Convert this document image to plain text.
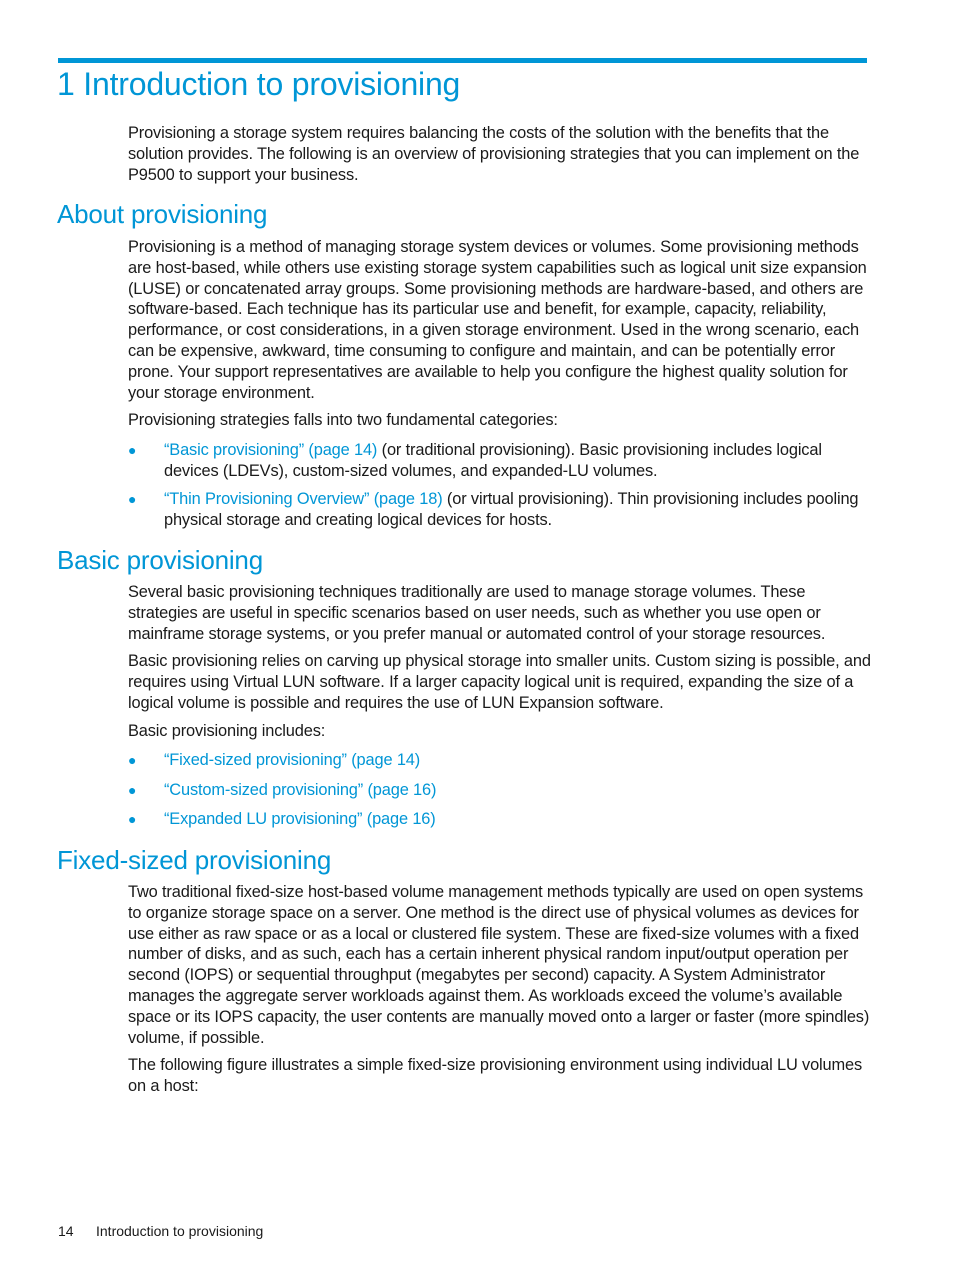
1 Introduction to provisioning

Provisioning a storage system requires balancing the costs of the solution with the benefits that the solution provides. The following is an overview of provisioning strategies that you can implement on the P9500 to support your business.

About provisioning

Provisioning is a method of managing storage system devices or volumes. Some provisioning methods are host-based, while others use existing storage system capabilities such as logical unit size expansion (LUSE) or concatenated array groups. Some provisioning methods are hardware-based, and others are software-based. Each technique has its particular use and benefit, for example, capacity, reliability, performance, or cost considerations, in a given storage environment. Used in the wrong scenario, each can be expensive, awkward, time consuming to configure and maintain, and can be potentially error prone. Your support representatives are available to help you configure the highest quality solution for your storage environment.

Provisioning strategies falls into two fundamental categories:

● “Basic provisioning” (page 14) (or traditional provisioning). Basic provisioning includes logical devices (LDEVs), custom-sized volumes, and expanded-LU volumes.
● “Thin Provisioning Overview” (page 18) (or virtual provisioning). Thin provisioning includes pooling physical storage and creating logical devices for hosts.
Basic provisioning

Several basic provisioning techniques traditionally are used to manage storage volumes. These strategies are useful in specific scenarios based on user needs, such as whether you use open or mainframe storage systems, or you prefer manual or automated control of your storage resources.

Basic provisioning relies on carving up physical storage into smaller units. Custom sizing is possible, and requires using Virtual LUN software. If a larger capacity logical unit is required, expanding the size of a logical volume is possible and requires the use of LUN Expansion software.

Basic provisioning includes:

● “Fixed-sized provisioning” (page 14)
● “Custom-sized provisioning” (page 16)
● “Expanded LU provisioning” (page 16)
Fixed-sized provisioning

Two traditional fixed-size host-based volume management methods typically are used on open systems to organize storage space on a server. One method is the direct use of physical volumes as devices for use either as raw space or as a local or clustered file system. These are fixed-size volumes with a fixed number of disks, and as such, each has a certain inherent physical random input/output operation per second (IOPS) or sequential throughput (megabytes per second) capacity. A System Administrator manages the aggregate server workloads against them. As workloads exceed the volume’s available space or its IOPS capacity, the user contents are manually moved onto a larger or faster (more spindles) volume, if possible.

The following figure illustrates a simple fixed-size provisioning environment using individual LU volumes on a host:

14 Introduction to provisioning
